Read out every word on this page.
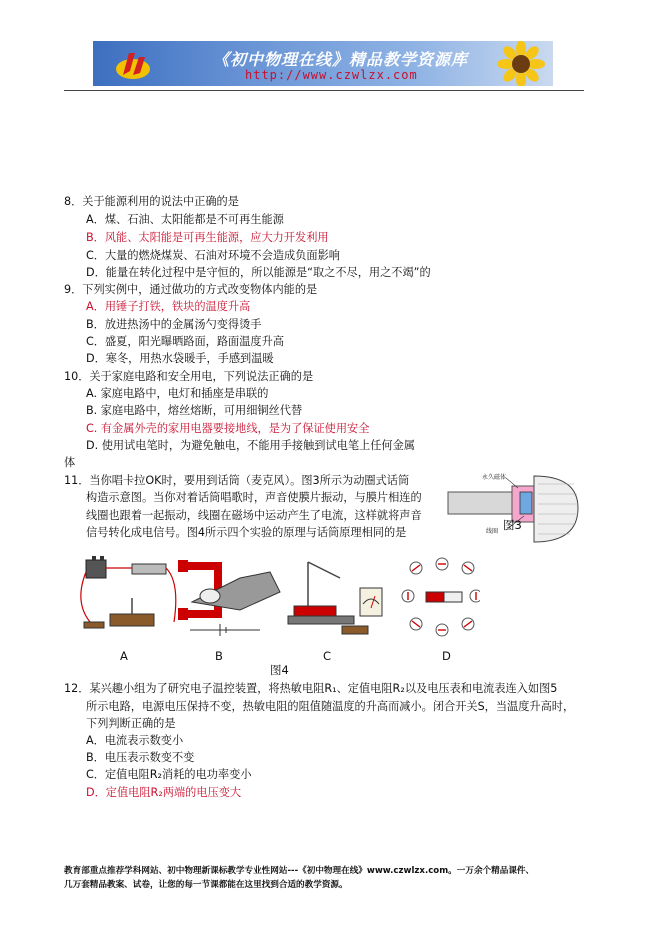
《初中物理在线》精品教学资源库
http://www.czwlzx.com
8．关于能源利用的说法中正确的是
A．煤、石油、太阳能都是不可再生能源
B．风能、太阳能是可再生能源，应大力开发利用
C．大量的燃烧煤炭、石油对环境不会造成负面影响
D．能量在转化过程中是守恒的，所以能源是“取之不尽，用之不竭”的
9．下列实例中，通过做功的方式改变物体内能的是
A．用锤子打铁，铁块的温度升高
B．放进热汤中的金属汤勺变得烫手
C．盛夏，阳光曝晒路面，路面温度升高
D．寒冬，用热水袋暖手，手感到温暖
10．关于家庭电路和安全用电，下列说法正确的是
A. 家庭电路中，电灯和插座是串联的
B. 家庭电路中，熔丝熔断，可用细铜丝代替
C. 有金属外壳的家用电器要接地线，是为了保证使用安全
D. 使用试电笔时，为避免触电，不能用手接触到试电笔上任何金属
体
11．当你唱卡拉OK时，要用到话筒（麦克风）。图3所示为动圈式话筒
构造示意图。当你对着话筒唱歌时，声音使膜片振动，与膜片相连的
线圈也跟着一起振动，线圈在磁场中运动产生了电流，这样就将声音
信号转化成电信号。图4所示四个实验的原理与话筒原理相同的是
永久磁体
线圈 图3
A	B	C	D
图4
12．某兴趣小组为了研究电子温控装置，将热敏电阻R₁、定值电阻R₂以及电压表和电流表连入如图5
所示电路，电源电压保持不变，热敏电阻的阻值随温度的升高而减小。闭合开关S，当温度升高时，
下列判断正确的是
A．电流表示数变小
B．电压表示数变不变
C．定值电阻R₂消耗的电功率变小
D．定值电阻R₂两端的电压变大
教育部重点推荐学科网站、初中物理新课标教学专业性网站---《初中物理在线》www.czwlzx.com。一万余个精品课件、
几万套精品教案、试卷，让您的每一节课都能在这里找到合适的教学资源。
